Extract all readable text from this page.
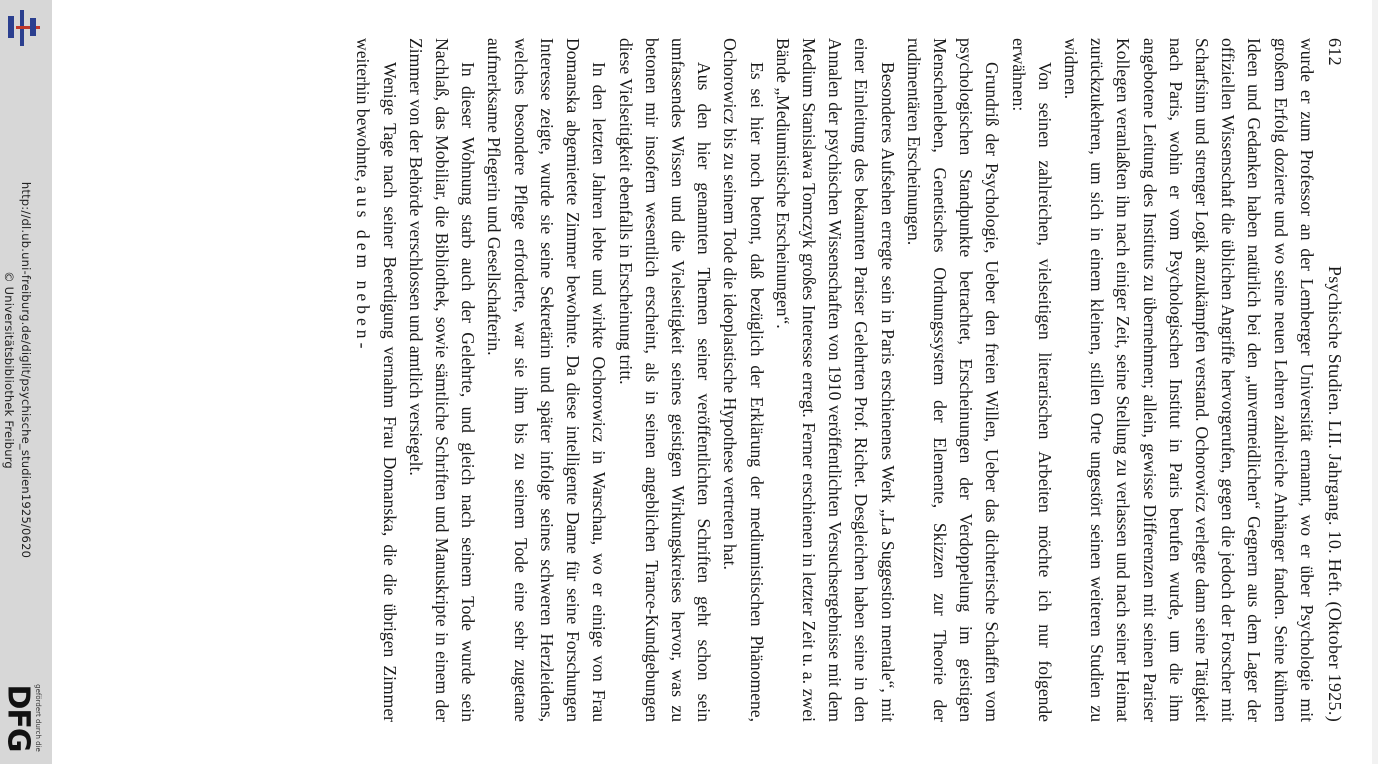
http://dl.ub.uni-freiburg.de/diglit/psychische_studien1925/0620
© Universitätsbibliothek Freiburg
gefördert durch die
DFG
612
Psychische Studien. LII. Jahrgang. 10. Heft. (Oktober 1925.)

wurde er zum Professor an der Lemberger Universität ernannt, wo er über Psychologie mit großem Erfolg dozierte und wo seine neuen Lehren zahlreiche Anhänger fanden. Seine kühnen Ideen und Gedanken haben natürlich bei den „unvermeidlichen“ Gegnern aus dem Lager der offiziellen Wissenschaft die üblichen Angriffe hervorgerufen, gegen die jedoch der Forscher mit Scharfsinn und strenger Logik anzukämpfen verstand. Ochorowicz verlegte dann seine Tätigkeit nach Paris, wohin er vom Psychologischen Institut in Paris berufen wurde, um die ihm angebotene Leitung des Instituts zu übernehmen; allein, gewisse Differenzen mit seinen Pariser Kollegen veranlaßten ihn nach einiger Zeit, seine Stellung zu verlassen und nach seiner Heimat zurückzukehren, um sich in einem kleinen, stillen Orte ungestört seinen weiteren Studien zu widmen.

Von seinen zahlreichen, vielseitigen literarischen Arbeiten möchte ich nur folgende erwähnen:

Grundriß der Psychologie, Ueber den freien Willen, Ueber das dichterische Schaffen vom psychologischen Standpunkte betrachtet, Erscheinungen der Verdoppelung im geistigen Menschenleben, Genetisches Ordnungssystem der Elemente, Skizzen zur Theorie der rudimentären Erscheinungen.

Besonderes Aufsehen erregte sein in Paris erschienenes Werk „La Suggestion mentale“, mit einer Einleitung des bekannten Pariser Gelehrten Prof. Richet. Desgleichen haben seine in den Annalen der psychischen Wissenschaften von 1910 veröffentlichten Versuchsergebnisse mit dem Medium Stanislawa Tomczyk großes Interesse erregt. Ferner erschienen in letzter Zeit u. a. zwei Bände „Mediumistische Erscheinungen“.

Es sei hier noch betont, daß bezüglich der Erklärung der mediumistischen Phänomene, Ochorowicz bis zu seinem Tode die ideoplastische Hypothese vertreten hat.

Aus den hier genannten Themen seiner veröffentlichten Schriften geht schon sein umfassendes Wissen und die Vielseitigkeit seines geistigen Wirkungskreises hervor, was zu betonen mir insofern wesentlich erscheint, als in seinen angeblichen Trance-Kundgebungen diese Vielseitigkeit ebenfalls in Erscheinung tritt.

In den letzten Jahren lebte und wirkte Ochorowicz in Warschau, wo er einige von Frau Domanska abgemietete Zimmer bewohnte. Da diese intelligente Dame für seine Forschungen Interesse zeigte, wurde sie seine Sekretärin und später infolge seines schweren Herzleidens, welches besondere Pflege erforderte, war sie ihm bis zu seinem Tode eine sehr zugetane aufmerksame Pflegerin und Gesellschafterin.

In dieser Wohnung starb auch der Gelehrte, und gleich nach seinem Tode wurde sein Nachlaß, das Mobiliar, die Bibliothek, sowie sämtliche Schriften und Manuskripte in einem der Zimmer von der Behörde verschlossen und amtlich versiegelt.

Wenige Tage nach seiner Beerdigung vernahm Frau Domanska, die die übrigen Zimmer weiterhin bewohnte, aus dem neben-
